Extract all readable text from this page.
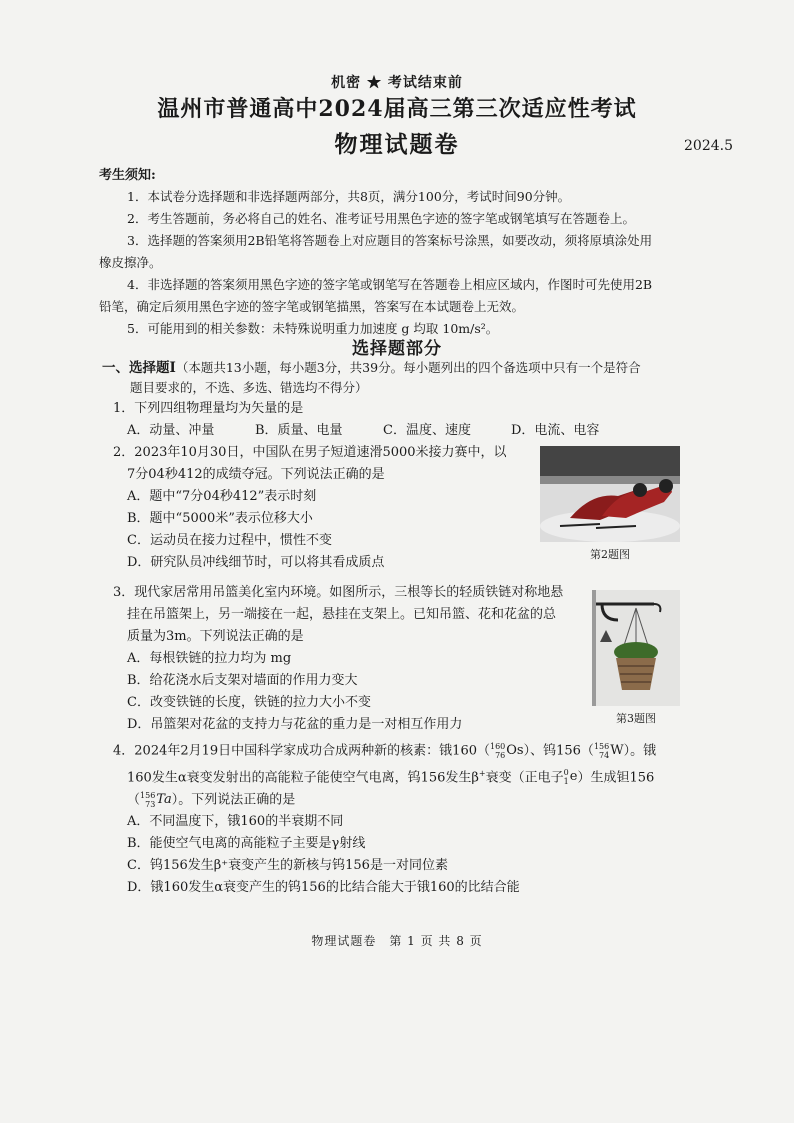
机密 ★ 考试结束前
温州市普通高中2024届高三第三次适应性考试
物理试题卷	2024.5
考生须知:

1．本试卷分选择题和非选择题两部分，共8页，满分100分，考试时间90分钟。

2．考生答题前，务必将自己的姓名、准考证号用黑色字迹的签字笔或钢笔填写在答题卷上。

3．选择题的答案须用2B铅笔将答题卷上对应题目的答案标号涂黑，如要改动，须将原填涂处用

橡皮擦净。

4．非选择题的答案须用黑色字迹的签字笔或钢笔写在答题卷上相应区域内，作图时可先使用2B

铅笔，确定后须用黑色字迹的签字笔或钢笔描黑，答案写在本试题卷上无效。

5．可能用到的相关参数：未特殊说明重力加速度 g 均取 10m/s²。

选择题部分
一、选择题Ⅰ（本题共13小题，每小题3分，共39分。每小题列出的四个备选项中只有一个是符合
题目要求的，不选、多选、错选均不得分）
1．下列四组物理量均为矢量的是
A．动量、冲量	B．质量、电量	C．温度、速度	D．电流、电容
2．2023年10月30日，中国队在男子短道速滑5000米接力赛中，以
7分04秒412的成绩夺冠。下列说法正确的是
A．题中“7分04秒412”表示时刻
B．题中“5000米”表示位移大小
C．运动员在接力过程中，惯性不变
D．研究队员冲线细节时，可以将其看成质点
第2题图
3．现代家居常用吊篮美化室内环境。如图所示，三根等长的轻质铁链对称地悬
挂在吊篮架上，另一端接在一起，悬挂在支架上。已知吊篮、花和花盆的总
质量为3m。下列说法正确的是
A．每根铁链的拉力均为 mg
B．给花浇水后支架对墙面的作用力变大
C．改变铁链的长度，铁链的拉力大小不变
D．吊篮架对花盆的支持力与花盆的重力是一对相互作用力	第3题图
4．2024年2月19日中国科学家成功合成两种新的核素：锇160（ 160
76 Os ）、钨156（ 156
74 W ）。锇
160发生α衰变发射出的高能粒子能使空气电离，钨156发生β+衰变（正电子 0
1 e ）生成钽156
（ 156
73 Ta ）。下列说法正确的是
A．不同温度下，锇160的半衰期不同
B．能使空气电离的高能粒子主要是γ射线
C．钨156发生β⁺衰变产生的新核与钨156是一对同位素
D．锇160发生α衰变产生的钨156的比结合能大于锇160的比结合能
物理试题卷　第 1 页 共 8 页
